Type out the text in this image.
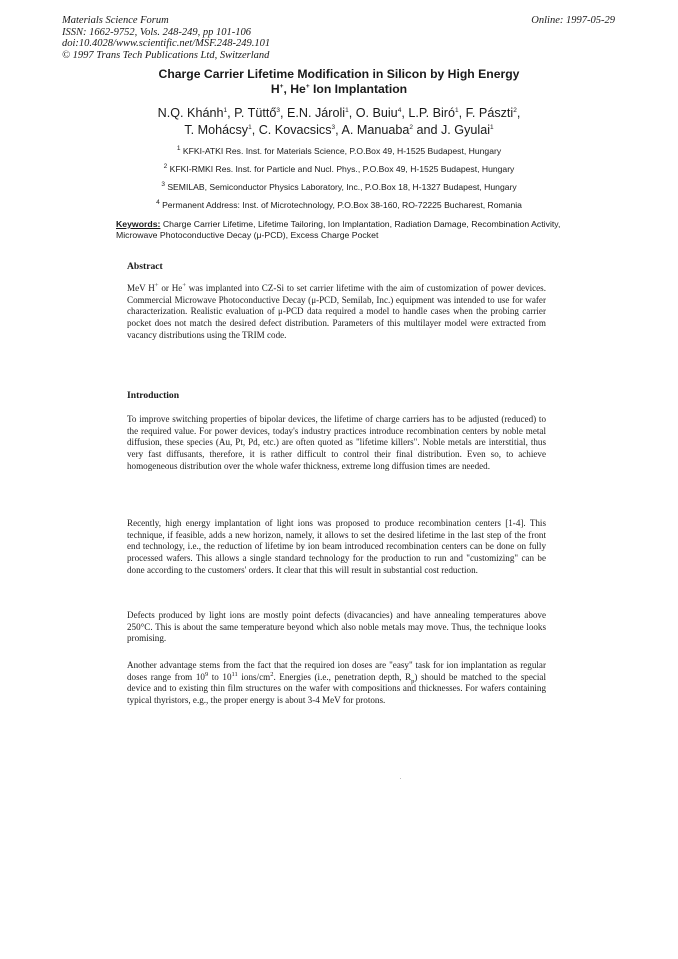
Materials Science Forum
ISSN: 1662-9752, Vols. 248-249, pp 101-106
doi:10.4028/www.scientific.net/MSF.248-249.101
© 1997 Trans Tech Publications Ltd, Switzerland
Online: 1997-05-29
Charge Carrier Lifetime Modification in Silicon by High Energy
H+, He+ Ion Implantation
N.Q. Khánh$^1$, P. Tüttő$^3$, E.N. Jároli$^1$, O. Buiu$^4$, L.P. Biró$^1$, F. Pászti$^2$,
T. Mohácsy$^1$, C. Kovacsics$^3$, A. Manuaba$^2$ and J. Gyulai$^1$
$^1$ KFKI-ATKI Res. Inst. for Materials Science, P.O.Box 49, H-1525 Budapest, Hungary
$^2$ KFKI-RMKI Res. Inst. for Particle and Nucl. Phys., P.O.Box 49, H-1525 Budapest, Hungary
$^3$ SEMILAB, Semiconductor Physics Laboratory, Inc., P.O.Box 18, H-1327 Budapest, Hungary
$^4$ Permanent Address: Inst. of Microtechnology, P.O.Box 38-160, RO-72225 Bucharest, Romania
Keywords: Charge Carrier Lifetime, Lifetime Tailoring, Ion Implantation, Radiation Damage, Recombination Activity, Microwave Photoconductive Decay (μ-PCD), Excess Charge Pocket
Abstract

MeV H+ or He+ was implanted into CZ-Si to set carrier lifetime with the aim of customization of power devices. Commercial Microwave Photoconductive Decay (μ-PCD, Semilab, Inc.) equipment was intended to use for wafer characterization. Realistic evaluation of μ-PCD data required a model to handle cases when the probing carrier pocket does not match the desired defect distribution. Parameters of this multilayer model were extracted from vacancy distributions using the TRIM code.

Introduction

To improve switching properties of bipolar devices, the lifetime of charge carriers has to be adjusted (reduced) to the required value. For power devices, today's industry practices introduce recombination centers by noble metal diffusion, these species (Au, Pt, Pd, etc.) are often quoted as "lifetime killers". Noble metals are interstitial, thus very fast diffusants, therefore, it is rather difficult to control their final distribution. Even so, to achieve homogeneous distribution over the whole wafer thickness, extreme long diffusion times are needed.

Recently, high energy implantation of light ions was proposed to produce recombination centers [1-4]. This technique, if feasible, adds a new horizon, namely, it allows to set the desired lifetime in the last step of the front end technology, i.e., the reduction of lifetime by ion beam introduced recombination centers can be done on fully processed wafers. This allows a single standard technology for the production to run and "customizing" can be done according to the customers' orders. It clear that this will result in substantial cost reduction.

Defects produced by light ions are mostly point defects (divacancies) and have annealing temperatures above 250°C. This is about the same temperature beyond which also noble metals may move. Thus, the technique looks promising.

Another advantage stems from the fact that the required ion doses are "easy" task for ion implantation as regular doses range from $10^9$ to $10^{11}$ ions/$cm^2$. Energies (i.e., penetration depth, $R_p$) should be matched to the special device and to existing thin film structures on the wafer with compositions and thicknesses. For wafers containing typical thyristors, e.g., the proper energy is about 3-4 MeV for protons.
